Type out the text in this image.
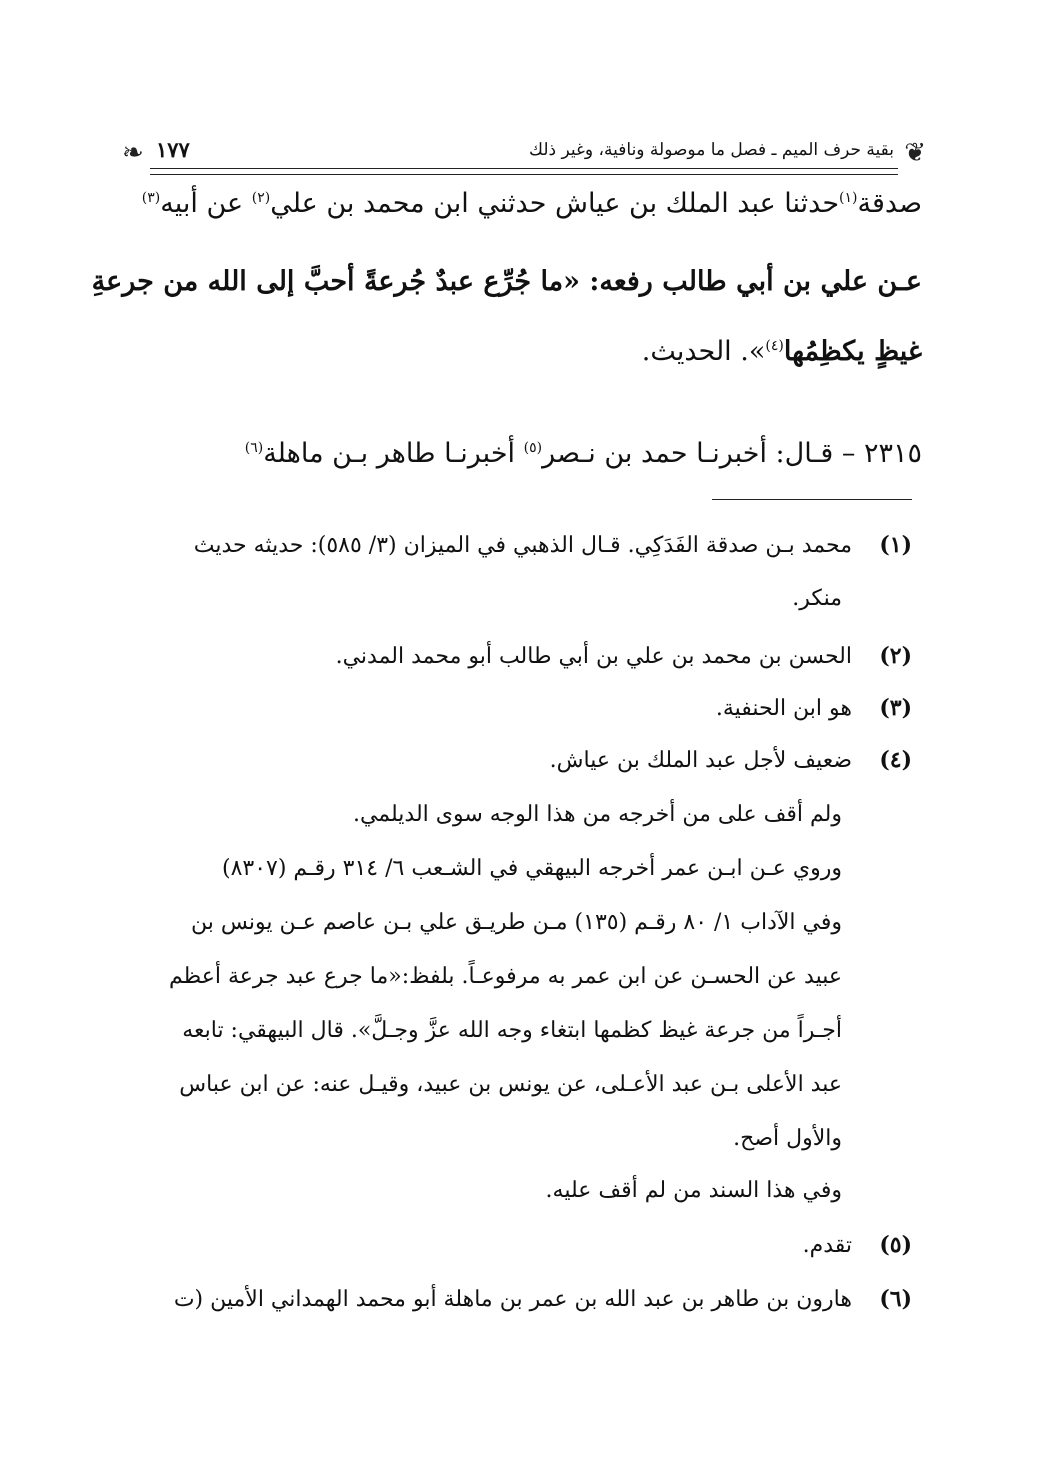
❦
بقية حرف الميم ـ فصل ما موصولة ونافية، وغير ذلك
١٧٧
❧

صدقة$^{(١)}$حدثنا عبد الملك بن عياش حدثني ابن محمد بن علي$^{(٢)}$ عن أبيه$^{(٣)}$

عـن علي بن أبي طالب رفعه: «ما جُرِّع عبدٌ جُرعةً أحبَّ إلى الله من جرعةِ

غيظٍ يكظِمُها$^{(٤)}$». الحديث.

٢٣١٥ – قـال: أخبرنـا حمد بن نـصر$^{(٥)}$ أخبرنـا طاهر بـن ماهلة$^{(٦)}$

(١)محمد بـن صدقة الفَدَكِي. قـال الذهبي في الميزان (٣/ ٥٨٥): حديثه حديث
منكر.
(٢)الحسن بن محمد بن علي بن أبي طالب أبو محمد المدني.
(٣)هو ابن الحنفية.
(٤)ضعيف لأجل عبد الملك بن عياش.
ولم أقف على من أخرجه من هذا الوجه سوى الديلمي.
وروي عـن ابـن عمر أخرجه البيهقي في الشـعب ٦/ ٣١٤ رقـم (٨٣٠٧)
وفي الآداب ١/ ٨٠ رقـم (١٣٥) مـن طريـق علي بـن عاصم عـن يونس بن
عبيد عن الحسـن عن ابن عمر به مرفوعـاً. بلفظ:«ما جرع عبد جرعة أعظم
أجـراً من جرعة غيظ كظمها ابتغاء وجه الله عزَّ وجـلَّ». قال البيهقي: تابعه
عبد الأعلى بـن عبد الأعـلى، عن يونس بن عبيد، وقيـل عنه: عن ابن عباس
والأول أصح.
وفي هذا السند من لم أقف عليه.
(٥)تقدم.
(٦)هارون بن طاهر بن عبد الله بن عمر بن ماهلة أبو محمد الهمداني الأمين (ت
